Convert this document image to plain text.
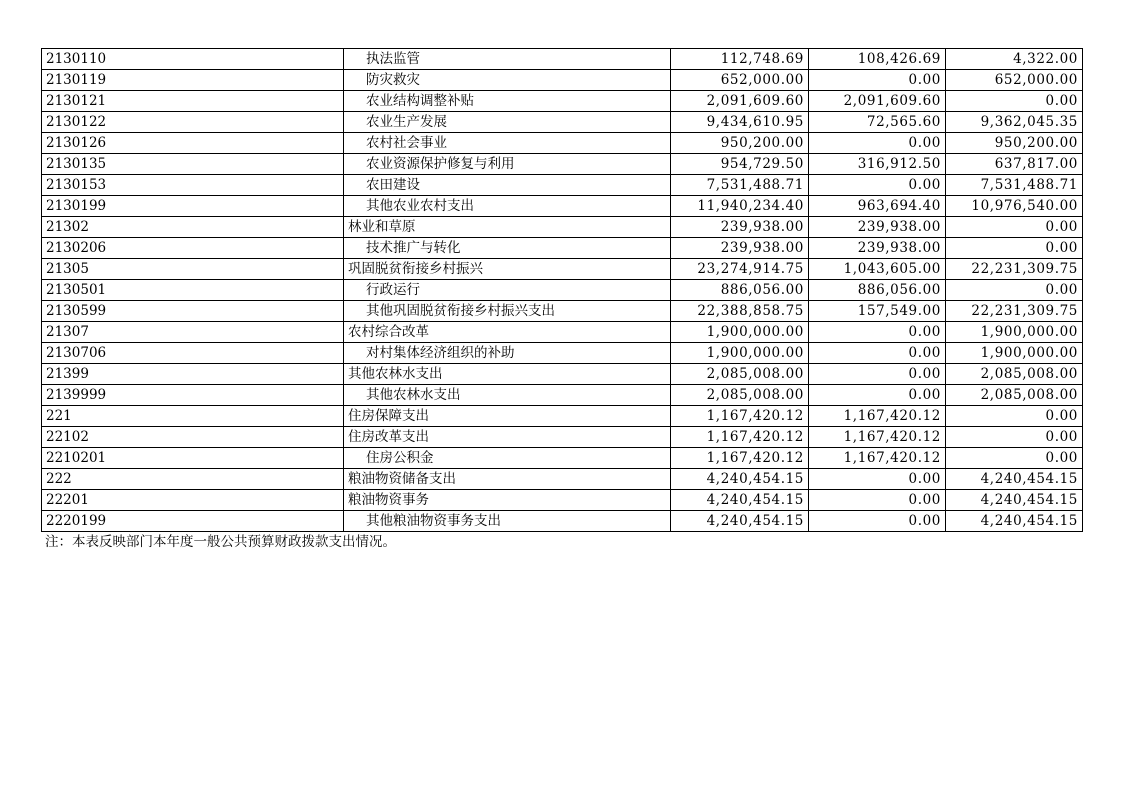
2130110	执法监管	112,748.69	108,426.69	4,322.00
2130119	防灾救灾	652,000.00	0.00	652,000.00
2130121	农业结构调整补贴	2,091,609.60	2,091,609.60	0.00
2130122	农业生产发展	9,434,610.95	72,565.60	9,362,045.35
2130126	农村社会事业	950,200.00	0.00	950,200.00
2130135	农业资源保护修复与利用	954,729.50	316,912.50	637,817.00
2130153	农田建设	7,531,488.71	0.00	7,531,488.71
2130199	其他农业农村支出	11,940,234.40	963,694.40	10,976,540.00
21302	林业和草原	239,938.00	239,938.00	0.00
2130206	技术推广与转化	239,938.00	239,938.00	0.00
21305	巩固脱贫衔接乡村振兴	23,274,914.75	1,043,605.00	22,231,309.75
2130501	行政运行	886,056.00	886,056.00	0.00
2130599	其他巩固脱贫衔接乡村振兴支出	22,388,858.75	157,549.00	22,231,309.75
21307	农村综合改革	1,900,000.00	0.00	1,900,000.00
2130706	对村集体经济组织的补助	1,900,000.00	0.00	1,900,000.00
21399	其他农林水支出	2,085,008.00	0.00	2,085,008.00
2139999	其他农林水支出	2,085,008.00	0.00	2,085,008.00
221	住房保障支出	1,167,420.12	1,167,420.12	0.00
22102	住房改革支出	1,167,420.12	1,167,420.12	0.00
2210201	住房公积金	1,167,420.12	1,167,420.12	0.00
222	粮油物资储备支出	4,240,454.15	0.00	4,240,454.15
22201	粮油物资事务	4,240,454.15	0.00	4,240,454.15
2220199	其他粮油物资事务支出	4,240,454.15	0.00	4,240,454.15
注：本表反映部门本年度一般公共预算财政拨款支出情况。
